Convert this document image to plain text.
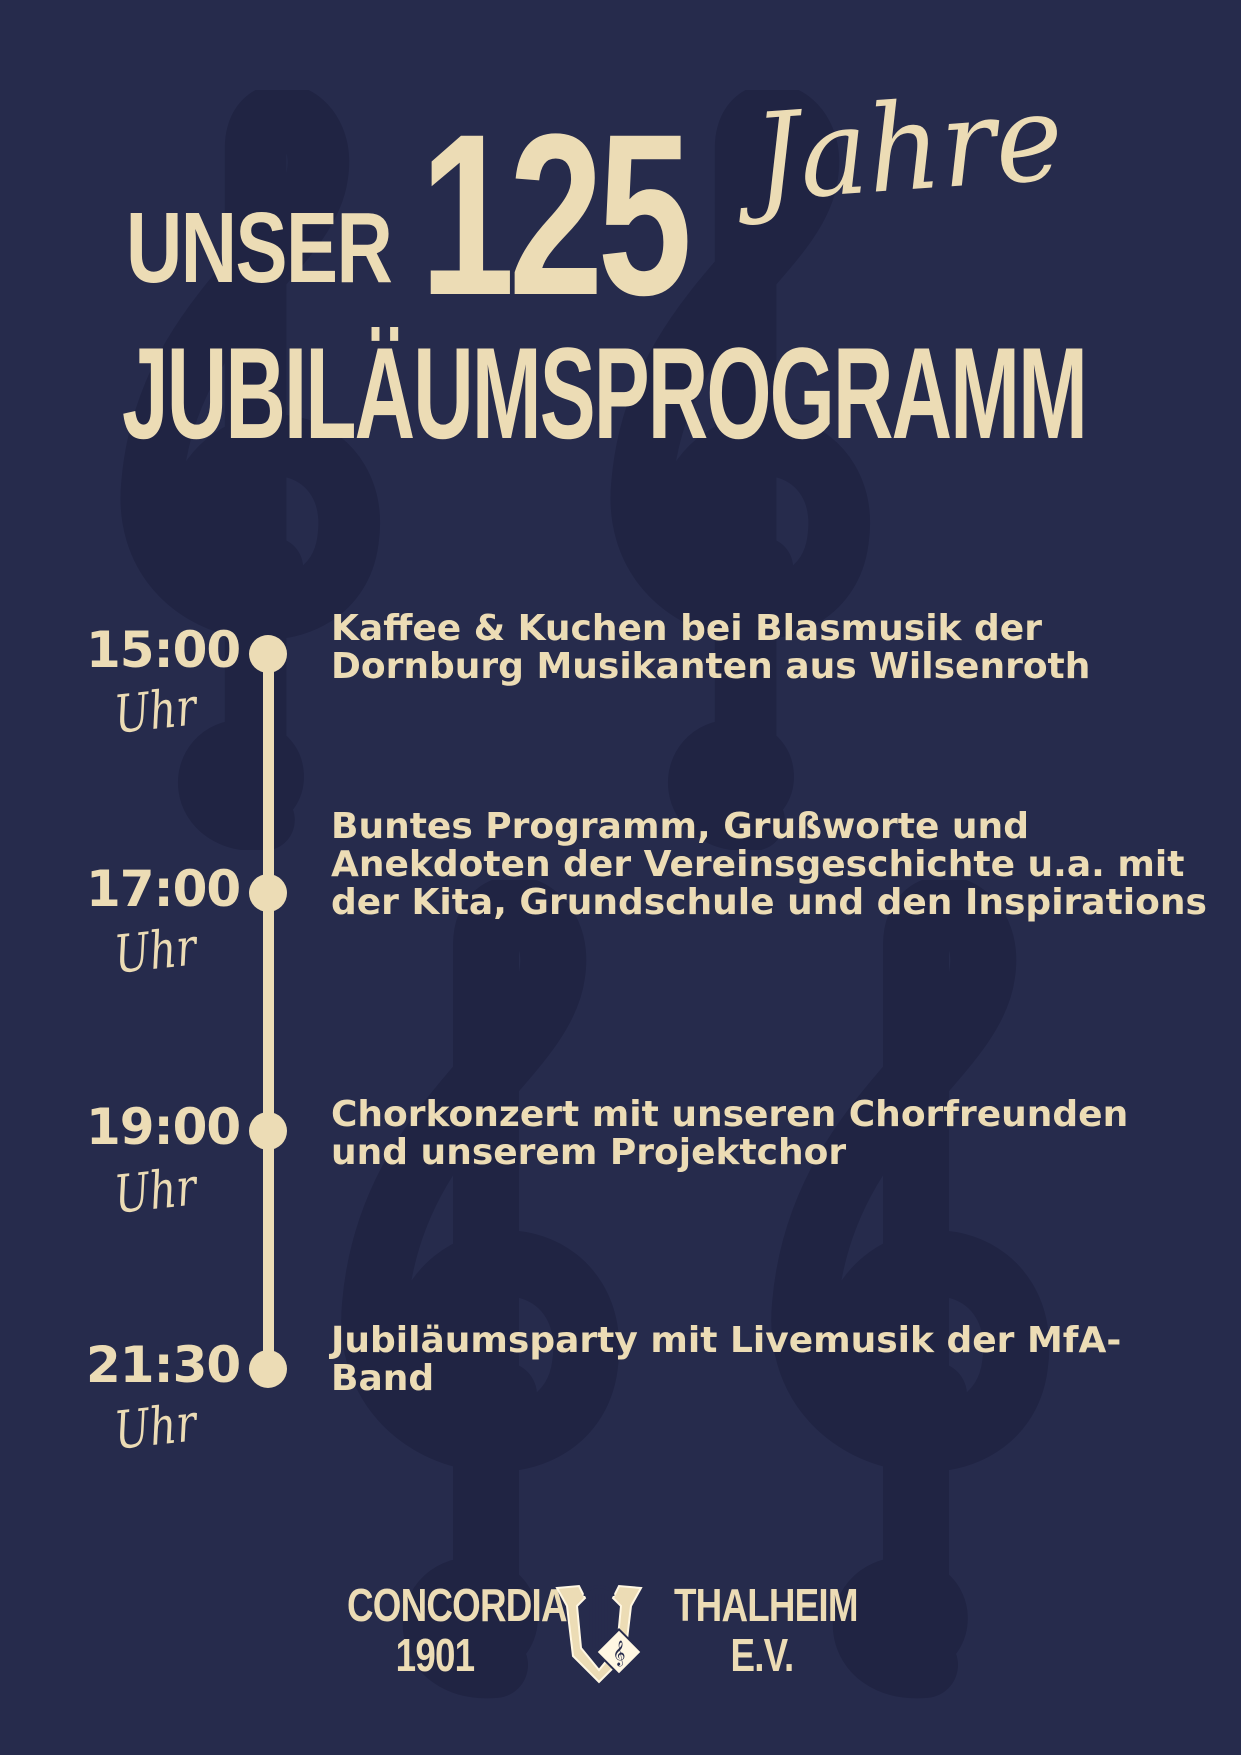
UNSER 125 Jahre
JUBILÄUMSPROGRAMM
15:00
Uhr
Kaffee & Kuchen bei Blasmusik der Dornburg Musikanten aus Wilsenroth
17:00
Uhr
Buntes Programm, Grußworte und Anekdoten der Vereinsgeschichte u.a. mit der Kita, Grundschule und den Inspirations
19:00
Uhr
Chorkonzert mit unseren Chorfreunden und unserem Projektchor
21:30
Uhr
Jubiläumsparty mit Livemusik der MfA-Band
CONCORDIA
1901	𝄞
THALHEIM
E.V.
